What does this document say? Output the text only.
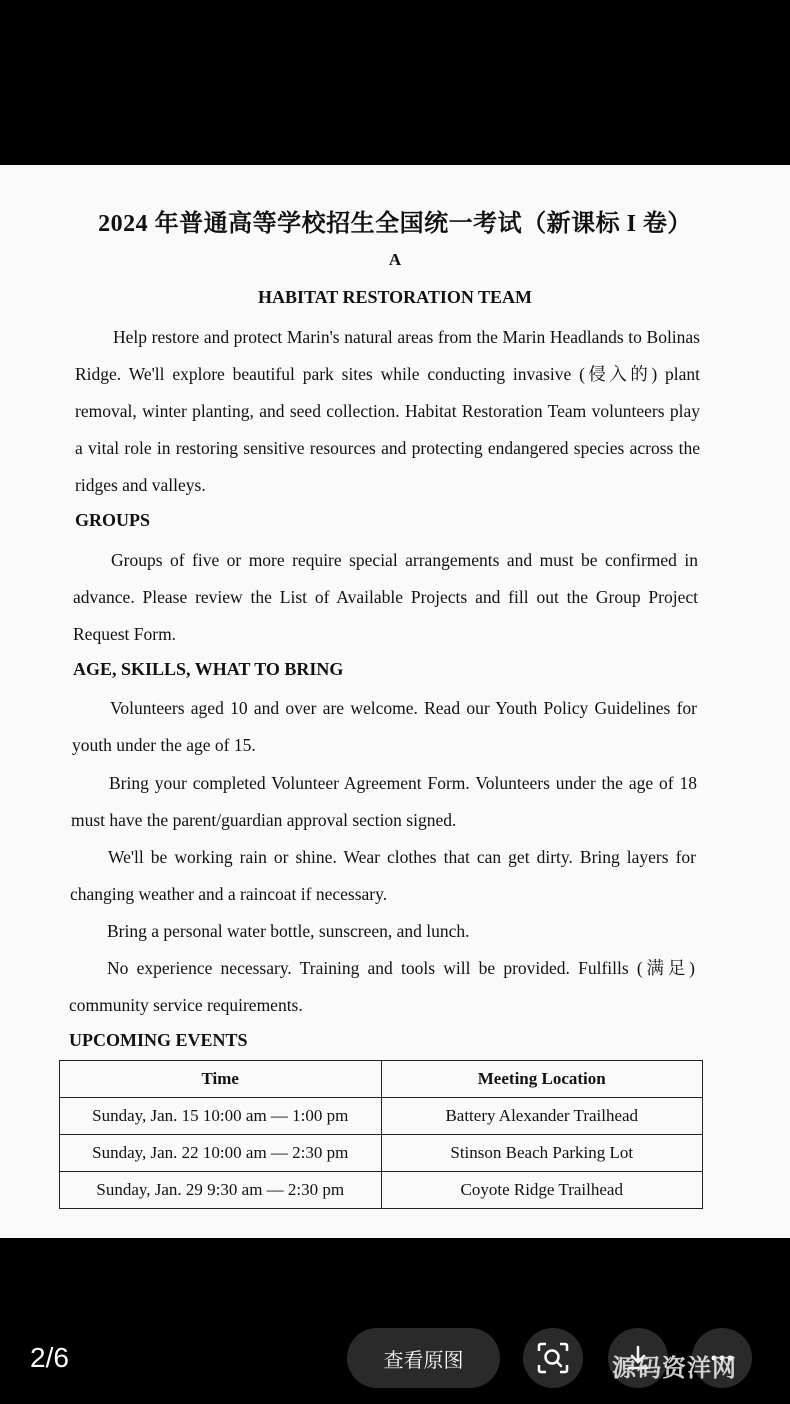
2024 年普通高等学校招生全国统一考试（新课标 I 卷）
A
HABITAT RESTORATION TEAM
Help restore and protect Marin's natural areas from the Marin Headlands to Bolinas Ridge. We'll explore beautiful park sites while conducting invasive (侵入的) plant removal, winter planting, and seed collection. Habitat Restoration Team volunteers play a vital role in restoring sensitive resources and protecting endangered species across the ridges and valleys.
GROUPS
Groups of five or more require special arrangements and must be confirmed in advance. Please review the List of Available Projects and fill out the Group Project Request Form.
AGE, SKILLS, WHAT TO BRING
Volunteers aged 10 and over are welcome. Read our Youth Policy Guidelines for youth under the age of 15.
Bring your completed Volunteer Agreement Form. Volunteers under the age of 18 must have the parent/guardian approval section signed.
We'll be working rain or shine. Wear clothes that can get dirty. Bring layers for changing weather and a raincoat if necessary.
Bring a personal water bottle, sunscreen, and lunch.
No experience necessary. Training and tools will be provided. Fulfills (满足) community service requirements.
UPCOMING EVENTS
Time	Meeting Location
Sunday, Jan. 15 10:00 am — 1:00 pm	Battery Alexander Trailhead
Sunday, Jan. 22 10:00 am — 2:30 pm	Stinson Beach Parking Lot
Sunday, Jan. 29 9:30 am — 2:30 pm	Coyote Ridge Trailhead
2/6	查看原图	源码资洋网
